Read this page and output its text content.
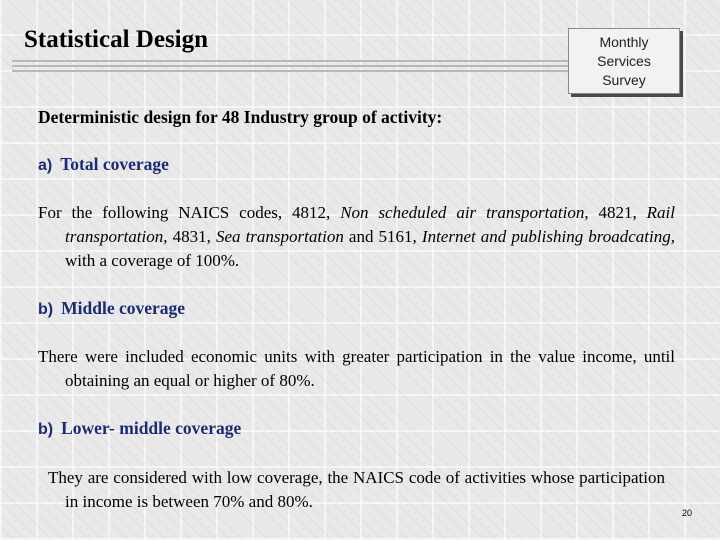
Statistical Design	Monthly
Services
Survey

Deterministic design for 48 Industry group of activity:

a) Total coverage

For the following NAICS codes, 4812, Non scheduled air transportation, 4821, Rail transportation, 4831, Sea transportation and 5161, Internet and publishing broadcating, with a coverage of 100%.

b) Middle coverage

There were included economic units with greater participation in the value income, until obtaining an equal or higher of 80%.

b) Lower- middle coverage

They are considered with low coverage, the NAICS code of activities whose participation in income is between 70% and 80%.

20
